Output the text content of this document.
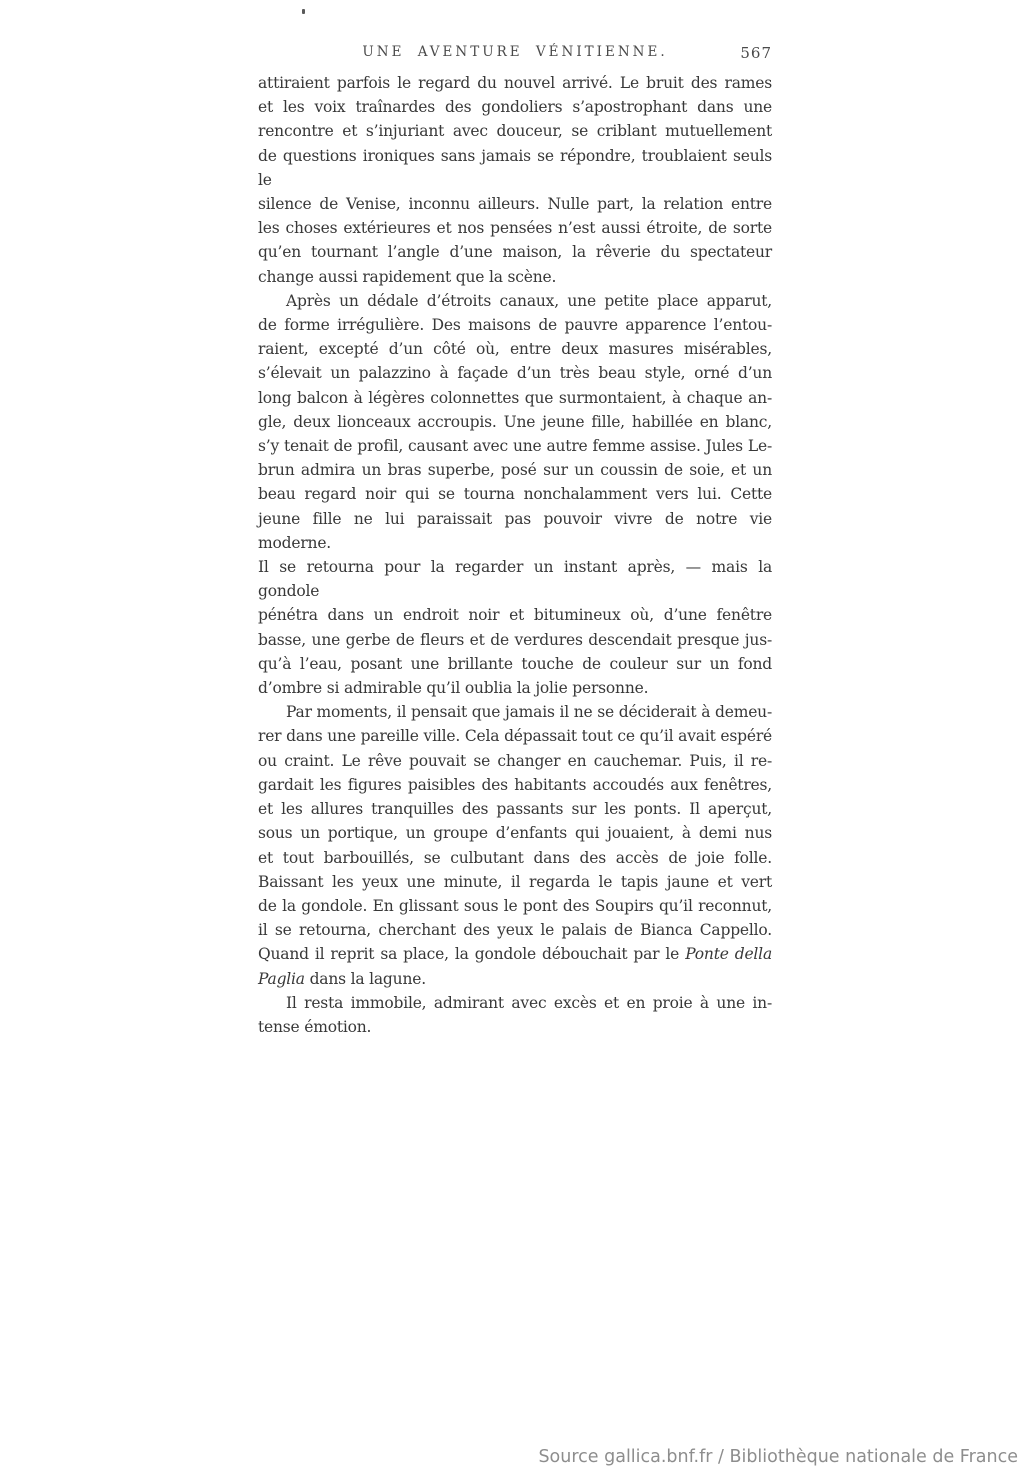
UNE AVENTURE VÉNITIENNE.	567
attiraient parfois le regard du nouvel arrivé. Le bruit des rames
et les voix traînardes des gondoliers s’apostrophant dans une
rencontre et s’injuriant avec douceur, se criblant mutuellement
de questions ironiques sans jamais se répondre, troublaient seuls le
silence de Venise, inconnu ailleurs. Nulle part, la relation entre
les choses extérieures et nos pensées n’est aussi étroite, de sorte
qu’en tournant l’angle d’une maison, la rêverie du spectateur
change aussi rapidement que la scène.
Après un dédale d’étroits canaux, une petite place apparut,
de forme irrégulière. Des maisons de pauvre apparence l’entou-
raient, excepté d’un côté où, entre deux masures misérables,
s’élevait un palazzino à façade d’un très beau style, orné d’un
long balcon à légères colonnettes que surmontaient, à chaque an-
gle, deux lionceaux accroupis. Une jeune fille, habillée en blanc,
s’y tenait de profil, causant avec une autre femme assise. Jules Le-
brun admira un bras superbe, posé sur un coussin de soie, et un
beau regard noir qui se tourna nonchalamment vers lui. Cette
jeune fille ne lui paraissait pas pouvoir vivre de notre vie moderne.
Il se retourna pour la regarder un instant après, — mais la gondole
pénétra dans un endroit noir et bitumineux où, d’une fenêtre
basse, une gerbe de fleurs et de verdures descendait presque jus-
qu’à l’eau, posant une brillante touche de couleur sur un fond
d’ombre si admirable qu’il oublia la jolie personne.
Par moments, il pensait que jamais il ne se déciderait à demeu-
rer dans une pareille ville. Cela dépassait tout ce qu’il avait espéré
ou craint. Le rêve pouvait se changer en cauchemar. Puis, il re-
gardait les figures paisibles des habitants accoudés aux fenêtres,
et les allures tranquilles des passants sur les ponts. Il aperçut,
sous un portique, un groupe d’enfants qui jouaient, à demi nus
et tout barbouillés, se culbutant dans des accès de joie folle.
Baissant les yeux une minute, il regarda le tapis jaune et vert
de la gondole. En glissant sous le pont des Soupirs qu’il reconnut,
il se retourna, cherchant des yeux le palais de Bianca Cappello.
Quand il reprit sa place, la gondole débouchait par le Ponte della
Paglia dans la lagune.
Il resta immobile, admirant avec excès et en proie à une in-
tense émotion.
Source gallica.bnf.fr / Bibliothèque nationale de France
